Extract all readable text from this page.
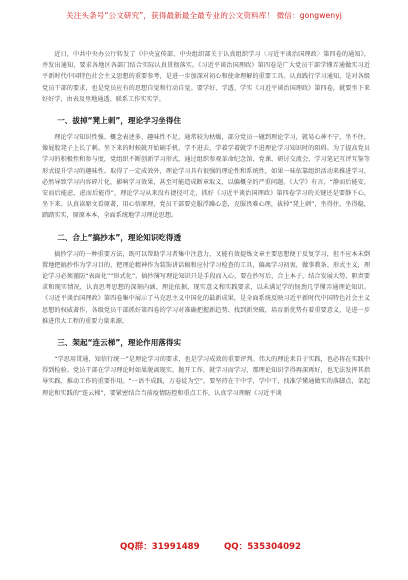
关注头条号“公文研究”，获得最新最全最专业的公文资料库！ 微信：gongwenyj

近日，中共中央办公厅转发了《中央宣传部、中央组织部关于认真组织学习〈习近平谈治国理政〉第四卷的通知》，并发出通知，要求各地区各部门结合实际认真贯彻落实。《习近平谈治国理政》第四卷是广大党员干部学懂弄通做实习近平新时代中国特色社会主义思想的重要参考，是进一步加深对初心和使命理解的重要工具。认真践行学习通知，是对各级党员干部的要求，也是党员应有的思想自觉和行动自觉。要学好、学透、学实《习近平谈治国理政》第四卷，就要坐下来好好学，由表及里地通透、联系工作实实学。

一、拔掉“凳上刺”，理论学习坐得住

理论学习知识性强、概念表述多，趣味性不足，通常较为枯燥，部分党员一碰到理论学习，就易心神不宁，坐不住，像屁股凳子上长了刺。坐下来的时候就开始刷手机，学不进去，学着学着就学不进理论学习知识时的阻碍。为了提高党员学习的积极性和参与度，党组织不断创新学习形式，通过组织参观革命纪念馆、党课、研讨交流会、学习笔记互评互鉴等形式提升学习的趣味性。取得了一定成效外，理论学习具有很强的理论性和系统性，如果一味依靠组织活动来推进学习，必然导致学习内容碎片化，影响学习效果，甚至可能造成断章取义、以偏概全的严重问题。《大学》有言，“静而后能安，安而后能虑，虑而后能得”，理论学习从来没有捷径可走，抓好《习近平谈治国理政》第四卷学习的关键还是要静下心，坐下来。认真读原文看原著，用心悟原理，党员干部要克服浮躁心态，克服畏难心理，拔掉“凳上刺”，坐得住、坐得稳，踏踏实实，原原本本，全面系统地学习理论思想。

二、合上“搞抄本”，理论知识吃得透

搞抄学习的一种重要方法，既可以帮助学习者集中注意力，又能有效提炼文章主要思想便于反复学习，但不应本末倒置地把搞抄作为学习目的，把理论精神作为装饰讲话稿和应付学习检查的工具，偏离学习初衷，做事教条、形式主义，理论学习必须谨防“表面化”“形式化”，搞抄簿写理论知识只是手段而入心，要在抄写后，合上本子，结合发展大势、职责要求和现实情况，认真思考思想的深刻内涵、理论依据、现实意义和实践要求，以未满足学的韧劲几学懂弄通理论知识。《习近平谈治国理政》第四卷集中展示了马克思主义中国化的最新成果，是全面系统反映习近平新时代中国特色社会主义思想的权威著作，各级党员干部抓好第四卷的学习对准确把握新趋势、找到新突破，培育新优势有着重要意义，是进一步推进伟大工程的重要力量来源。

三、架起“连云梯”，理论作用落得实

“学思用贯通，知信行统一”是理论学习的要求，也是学习成效的重要评判。伟大的理论来自于实践，也必将在实践中得到检验。党员干部在学习理论时如果脱离现实，抛开工作，就学习而学习，那理论知识学得再深再好，也无法发挥其指导实践、推动工作的重要作用。“一语不成践，万卷徒为空”，要坚持在干中学，学中干，找准学懂通做实的落脚点，架起理论和实践的“连云梯”，要紧密结合当前疫情防控和重点工作，认真学习理解《习近平谈

QQ群：31991489	QQ：535304092
